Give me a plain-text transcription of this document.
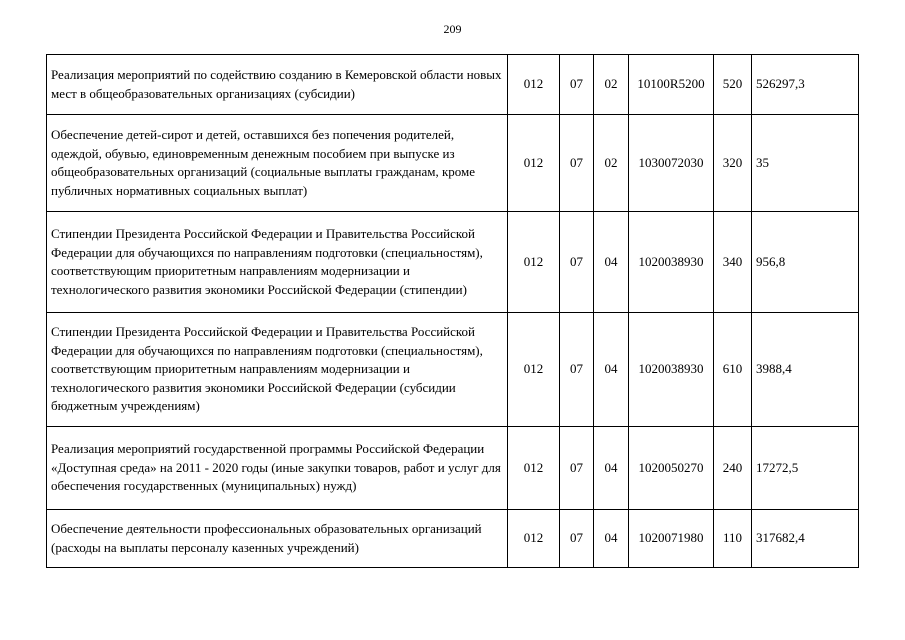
209
Реализация мероприятий по содействию созданию в Кемеровской области новых мест в общеобразовательных организациях (субсидии)	012	07	02	10100R5200	520	526297,3
Обеспечение детей-сирот и детей, оставшихся без попечения родителей, одеждой, обувью, единовременным денежным пособием при выпуске из общеобразовательных организаций (социальные выплаты гражданам, кроме публичных нормативных социальных выплат)	012	07	02	1030072030	320	35
Стипендии Президента Российской Федерации и Правительства Российской Федерации для обучающихся по направлениям подготовки (специальностям), соответствующим приоритетным направлениям модернизации и технологического развития экономики Российской Федерации (стипендии)	012	07	04	1020038930	340	956,8
Стипендии Президента Российской Федерации и Правительства Российской Федерации для обучающихся по направлениям подготовки (специальностям), соответствующим приоритетным направлениям модернизации и технологического развития экономики Российской Федерации (субсидии бюджетным учреждениям)	012	07	04	1020038930	610	3988,4
Реализация мероприятий государственной программы Российской Федерации «Доступная среда» на 2011 - 2020 годы (иные закупки товаров, работ и услуг для обеспечения государственных (муниципальных) нужд)	012	07	04	1020050270	240	17272,5
Обеспечение деятельности профессиональных образовательных организаций (расходы на выплаты персоналу казенных учреждений)	012	07	04	1020071980	110	317682,4
